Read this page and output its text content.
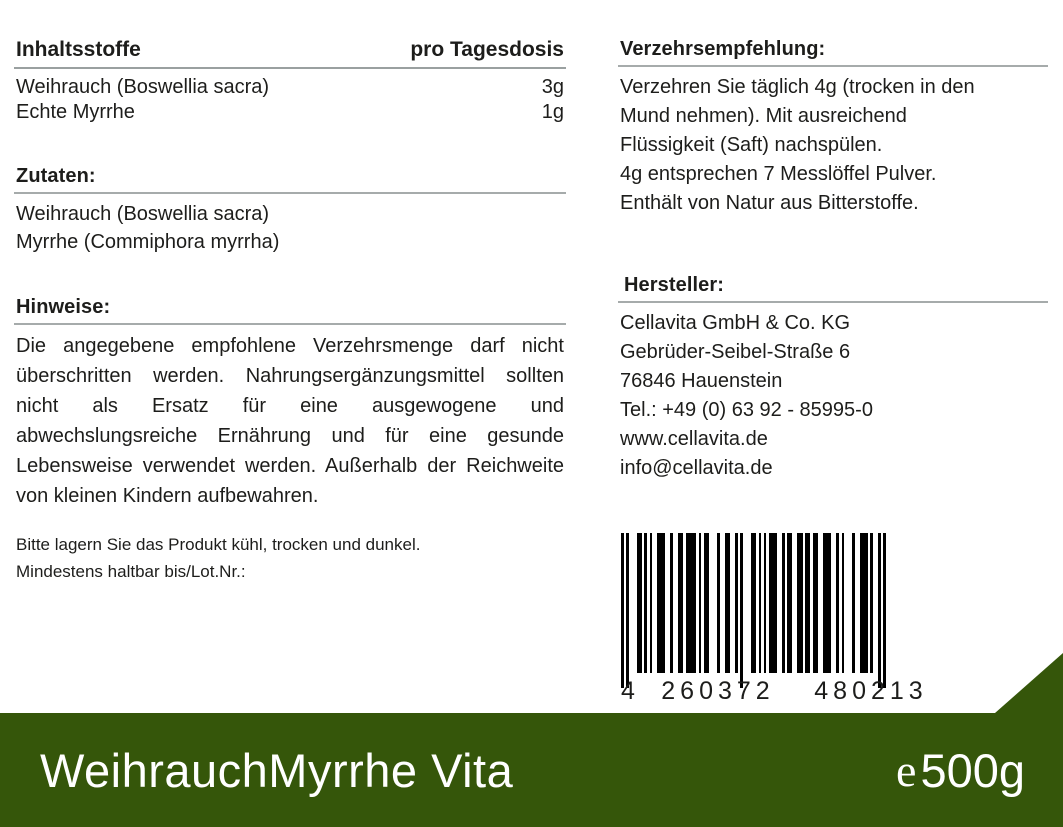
Inhaltsstoffe	pro Tagesdosis
Weihrauch (Boswellia sacra)	3g
Echte Myrrhe	1g
Zutaten:
Weihrauch (Boswellia sacra)
Myrrhe (Commiphora myrrha)
Hinweise:

Die angegebene empfohlene Verzehrsmenge darf nicht überschritten werden. Nahrungsergänzungsmittel sollten nicht als Ersatz für eine ausgewogene und abwechslungsreiche Ernährung und für eine gesunde Lebensweise verwendet werden. Außerhalb der Reichweite von kleinen Kindern aufbewahren.

Bitte lagern Sie das Produkt kühl, trocken und dunkel.
Mindestens haltbar bis/Lot.Nr.:
Verzehrsempfehlung:

Verzehren Sie täglich 4g (trocken in den

Mund nehmen). Mit ausreichend

Flüssigkeit (Saft) nachspülen.

4g entsprechen 7 Messlöffel Pulver.

Enthält von Natur aus Bitterstoffe.

Hersteller:

Cellavita GmbH & Co. KG

Gebrüder-Seibel-Straße 6

76846 Hauenstein

Tel.: +49 (0) 63 92 - 85995-0

www.cellavita.de

info@cellavita.de

4	260372	480213
WeihrauchMyrrhe Vita	e 500g
